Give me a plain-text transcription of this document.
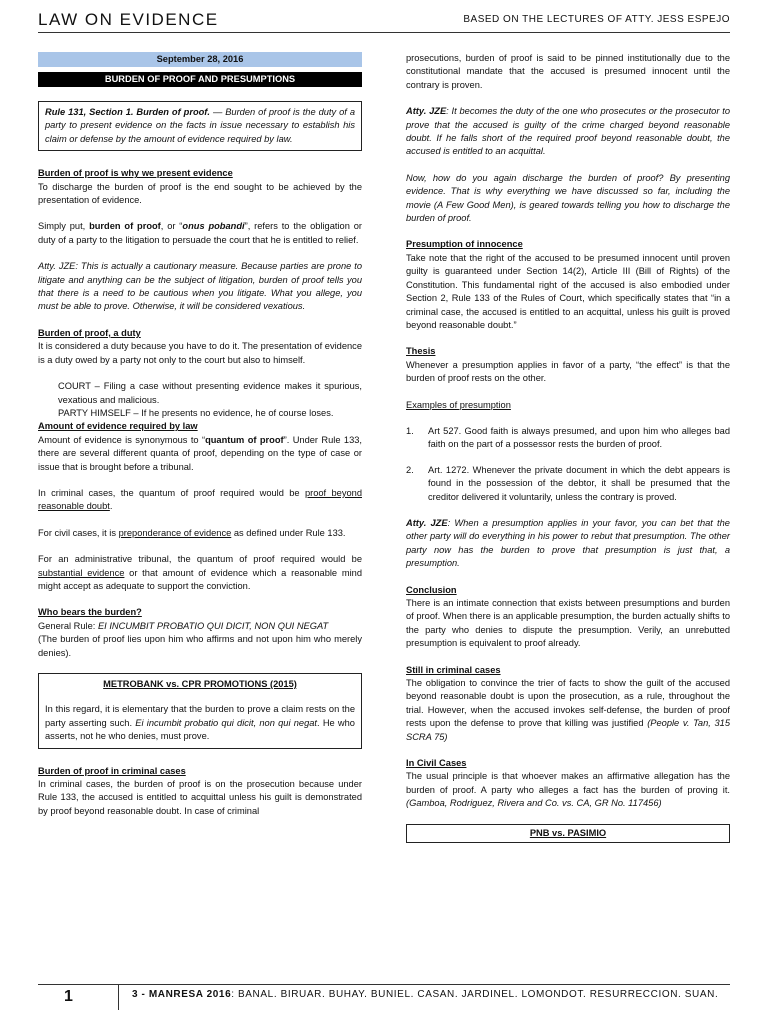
LAW ON EVIDENCE	BASED ON THE LECTURES OF ATTY. JESS ESPEJO
September 28, 2016
BURDEN OF PROOF AND PRESUMPTIONS
Rule 131, Section 1. Burden of proof. — Burden of proof is the duty of a party to present evidence on the facts in issue necessary to establish his claim or defense by the amount of evidence required by law.
Burden of proof is why we present evidence

To discharge the burden of proof is the end sought to be achieved by the presentation of evidence.

Simply put, burden of proof, or “onus pobandi”, refers to the obligation or duty of a party to the litigation to persuade the court that he is entitled to relief.

Atty. JZE: This is actually a cautionary measure. Because parties are prone to litigate and anything can be the subject of litigation, burden of proof tells you that there is a need to be cautious when you litigate. What you allege, you must be able to prove. Otherwise, it will be considered vexatious.

Burden of proof, a duty

It is considered a duty because you have to do it. The presentation of evidence is a duty owed by a party not only to the court but also to himself.

COURT – Filing a case without presenting evidence makes it spurious, vexatious and malicious.

PARTY HIMSELF – If he presents no evidence, he of course loses.

Amount of evidence required by law

Amount of evidence is synonymous to “quantum of proof”. Under Rule 133, there are several different quanta of proof, depending on the type of case or issue that is brought before a tribunal.

In criminal cases, the quantum of proof required would be proof beyond reasonable doubt.

For civil cases, it is preponderance of evidence as defined under Rule 133.

For an administrative tribunal, the quantum of proof required would be substantial evidence or that amount of evidence which a reasonable mind might accept as adequate to support the conviction.

Who bears the burden?

General Rule: EI INCUMBIT PROBATIO QUI DICIT, NON QUI NEGAT
(The burden of proof lies upon him who affirms and not upon him who merely denies).

METROBANK vs. CPR PROMOTIONS (2015)
In this regard, it is elementary that the burden to prove a claim rests on the party asserting such. Ei incumbit probatio qui dicit, non qui negat. He who asserts, not he who denies, must prove.
Burden of proof in criminal cases

In criminal cases, the burden of proof is on the prosecution because under Rule 133, the accused is entitled to acquittal unless his guilt is demonstrated by proof beyond reasonable doubt. In case of criminal

prosecutions, burden of proof is said to be pinned institutionally due to the constitutional mandate that the accused is presumed innocent until the contrary is proven.

Atty. JZE: It becomes the duty of the one who prosecutes or the prosecutor to prove that the accused is guilty of the crime charged beyond reasonable doubt. If he falls short of the required proof beyond reasonable doubt, the accused is entitled to an acquittal.

Now, how do you again discharge the burden of proof? By presenting evidence. That is why everything we have discussed so far, including the movie (A Few Good Men), is geared towards telling you how to discharge the burden of proof.

Presumption of innocence

Take note that the right of the accused to be presumed innocent until proven guilty is guaranteed under Section 14(2), Article III (Bill of Rights) of the Constitution. This fundamental right of the accused is also embodied under Section 2, Rule 133 of the Rules of Court, which specifically states that “in a criminal case, the accused is entitled to an acquittal, unless his guilt is proved beyond reasonable doubt.”

Thesis

Whenever a presumption applies in favor of a party, “the effect” is that the burden of proof rests on the other.

Examples of presumption
1. Art 527. Good faith is always presumed, and upon him who alleges bad faith on the part of a possessor rests the burden of proof.
2. Art. 1272. Whenever the private document in which the debt appears is found in the possession of the debtor, it shall be presumed that the creditor delivered it voluntarily, unless the contrary is proved.

Atty. JZE: When a presumption applies in your favor, you can bet that the other party will do everything in his power to rebut that presumption. The other party now has the burden to prove that presumption is just that, a presumption.

Conclusion

There is an intimate connection that exists between presumptions and burden of proof. When there is an applicable presumption, the burden actually shifts to the party who denies to dispute the presumption. Verily, an unrebutted presumption is equivalent to proof already.

Still in criminal cases

The obligation to convince the trier of facts to show the guilt of the accused beyond reasonable doubt is upon the prosecution, as a rule, throughout the trial. However, when the accused invokes self-defense, the burden of proof rests upon the defense to prove that killing was justified (People v. Tan, 315 SCRA 75)

In Civil Cases

The usual principle is that whoever makes an affirmative allegation has the burden of proof. A party who alleges a fact has the burden of proving it. (Gamboa, Rodriguez, Rivera and Co. vs. CA, GR No. 117456)

PNB vs. PASIMIO
1	3 - MANRESA 2016: BANAL. BIRUAR. BUHAY. BUNIEL. CASAN. JARDINEL. LOMONDOT. RESURRECCION. SUAN.
